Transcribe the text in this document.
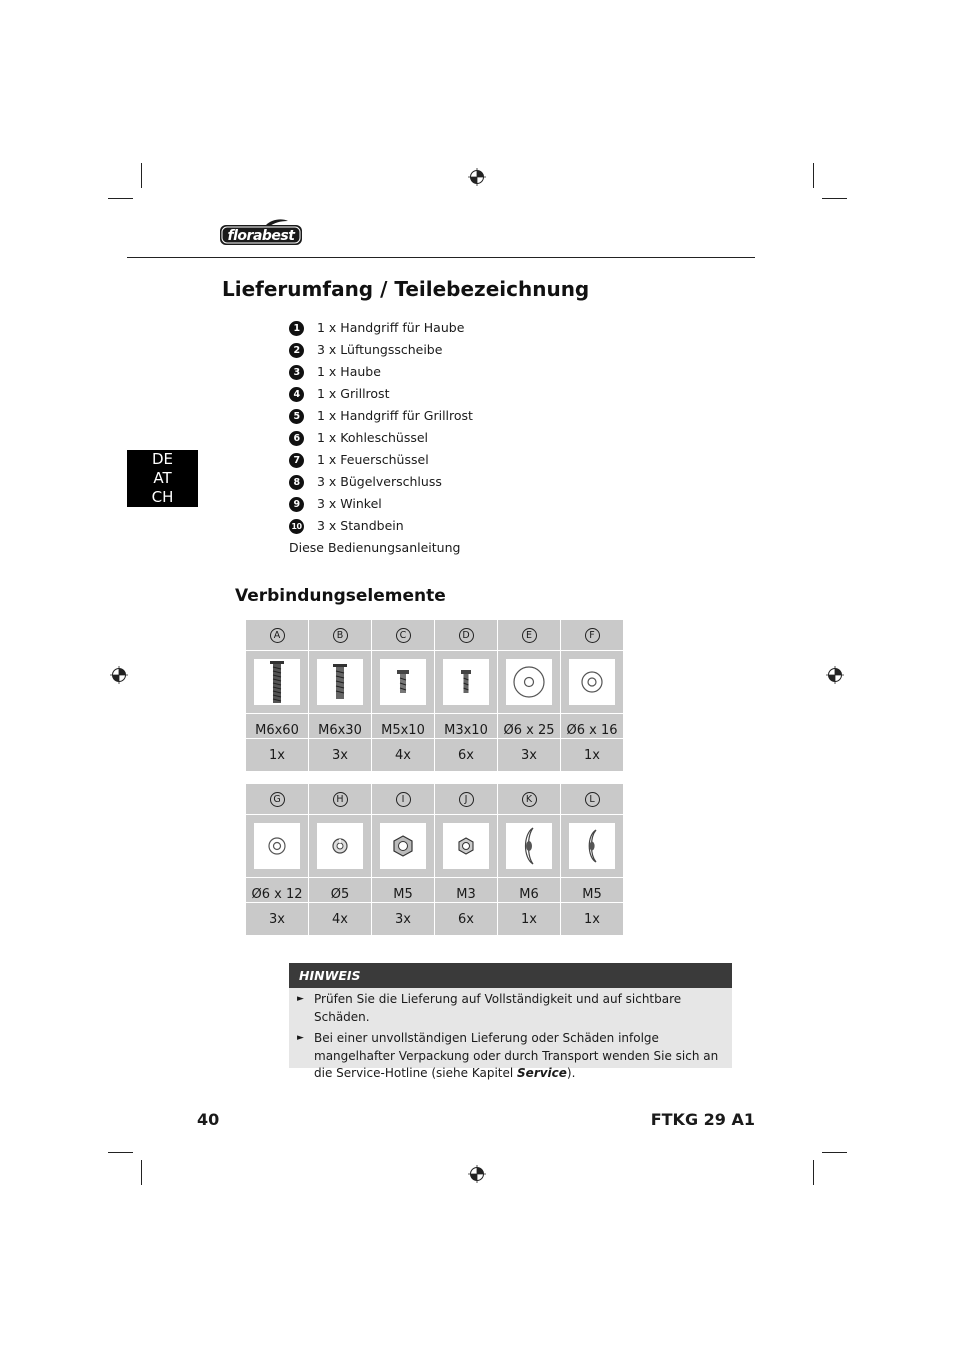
florabest
Lieferumfang / Teilebezeichnung
DE
AT
CH
1	1 x Handgriff für Haube
2	3 x Lüftungsscheibe
3	1 x Haube
4	1 x Grillrost
5	1 x Handgriff für Grillrost
6	1 x Kohleschüssel
7	1 x Feuerschüssel
8	3 x Bügelverschluss
9	3 x Winkel
10 3 x Standbein
Diese Bedienungsanleitung
Verbindungselemente
A	B	C	D	E	F

M6x60	M6x30	M5x10	M3x10	Ø6 x 25	Ø6 x 16
1x	3x	4x	6x	3x	1x
G	H	I	J	K	L

Ø6 x 12	Ø5	M5	M3	M6	M5
3x	4x	3x	6x	1x	1x
HINWEIS
► Prüfen Sie die Lieferung auf Vollständigkeit und auf sichtbare Schäden.
► Bei einer unvollständigen Lieferung oder Schäden infolge mangelhafter Verpackung oder durch Transport wenden Sie sich an die Service-Hotline (siehe Kapitel Service).
40	FTKG 29 A1
